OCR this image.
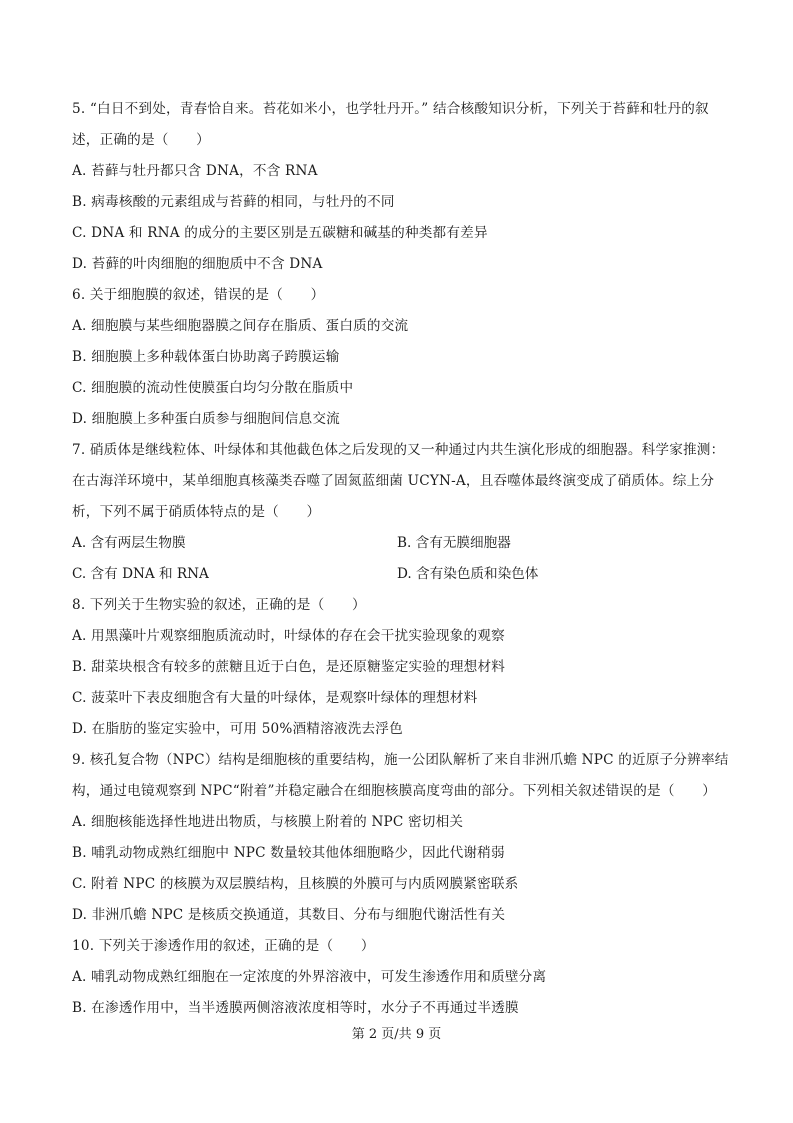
5. “白日不到处，青春恰自来。苔花如米小，也学牡丹开。” 结合核酸知识分析，下列关于苔藓和牡丹的叙
述，正确的是（　　）
A. 苔藓与牡丹都只含 DNA，不含 RNA
B. 病毒核酸的元素组成与苔藓的相同，与牡丹的不同
C. DNA 和 RNA 的成分的主要区别是五碳糖和碱基的种类都有差异
D. 苔藓的叶肉细胞的细胞质中不含 DNA
6. 关于细胞膜的叙述，错误的是（　　）
A. 细胞膜与某些细胞器膜之间存在脂质、蛋白质的交流
B. 细胞膜上多种载体蛋白协助离子跨膜运输
C. 细胞膜的流动性使膜蛋白均匀分散在脂质中
D. 细胞膜上多种蛋白质参与细胞间信息交流
7. 硝质体是继线粒体、叶绿体和其他截色体之后发现的又一种通过内共生演化形成的细胞器。科学家推测：
在古海洋环境中，某单细胞真核藻类吞噬了固氮蓝细菌 UCYN-A，且吞噬体最终演变成了硝质体。综上分
析，下列不属于硝质体特点的是（　　）
A. 含有两层生物膜	B. 含有无膜细胞器
C. 含有 DNA 和 RNA	D. 含有染色质和染色体
8. 下列关于生物实验的叙述，正确的是（　　）
A. 用黑藻叶片观察细胞质流动时，叶绿体的存在会干扰实验现象的观察
B. 甜菜块根含有较多的蔗糖且近于白色，是还原糖鉴定实验的理想材料
C. 菠菜叶下表皮细胞含有大量的叶绿体，是观察叶绿体的理想材料
D. 在脂肪的鉴定实验中，可用 50%酒精溶液洗去浮色
9. 核孔复合物（NPC）结构是细胞核的重要结构，施一公团队解析了来自非洲爪蟾 NPC 的近原子分辨率结
构，通过电镜观察到 NPC“附着”并稳定融合在细胞核膜高度弯曲的部分。下列相关叙述错误的是（　　）
A. 细胞核能选择性地进出物质，与核膜上附着的 NPC 密切相关
B. 哺乳动物成熟红细胞中 NPC 数量较其他体细胞略少，因此代谢稍弱
C. 附着 NPC 的核膜为双层膜结构，且核膜的外膜可与内质网膜紧密联系
D. 非洲爪蟾 NPC 是核质交换通道，其数目、分布与细胞代谢活性有关
10. 下列关于渗透作用的叙述，正确的是（　　）
A. 哺乳动物成熟红细胞在一定浓度的外界溶液中，可发生渗透作用和质壁分离
B. 在渗透作用中，当半透膜两侧溶液浓度相等时，水分子不再通过半透膜
第 2 页/共 9 页
